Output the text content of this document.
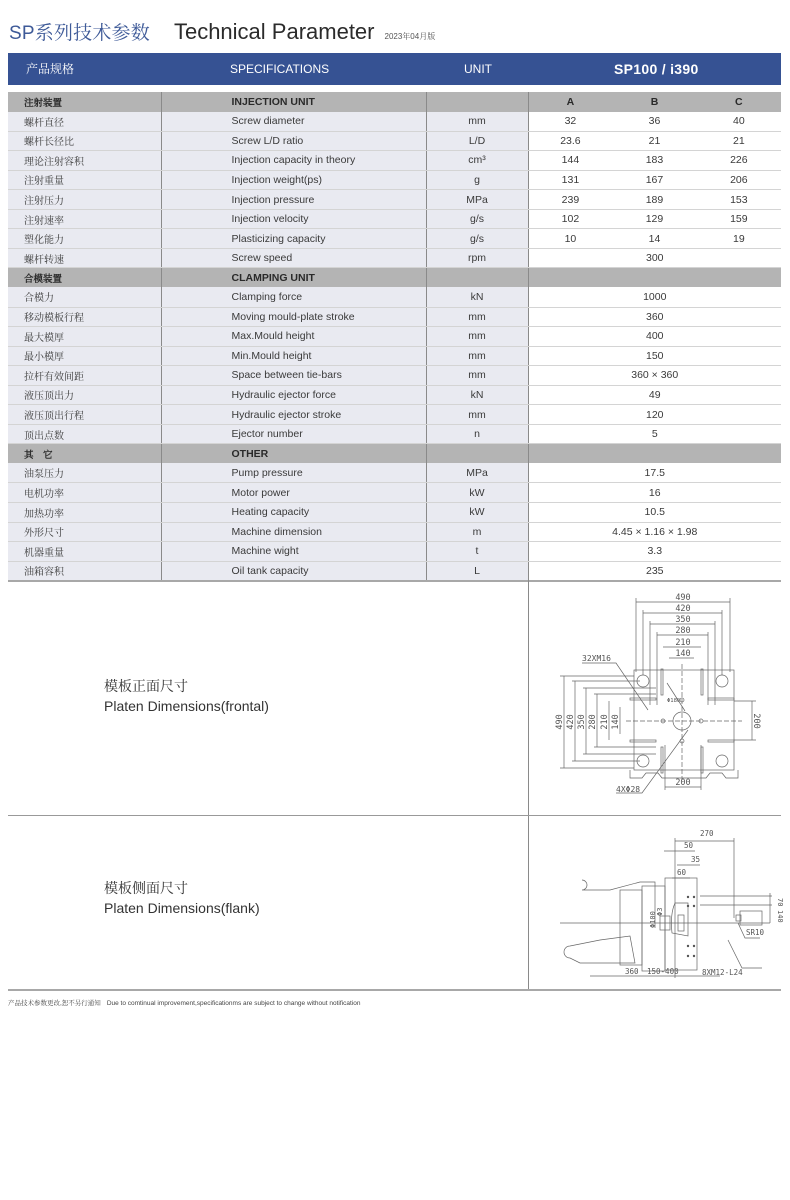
SP系列技术参数 Technical Parameter 2023年04月版
产品规格	SPECIFICATIONS	UNIT	SP100 / i390
注射装置	INJECTION UNIT		A	B	C
螺杆直径	Screw diameter	mm	32	36	40
螺杆长径比	Screw L/D ratio	L/D	23.6	21	21
理论注射容积	Injection capacity in theory	cm³	144	183	226
注射重量	Injection weight(ps)	g	131	167	206
注射压力	Injection pressure	MPa	239	189	153
注射速率	Injection velocity	g/s	102	129	159
塑化能力	Plasticizing capacity	g/s	10	14	19
螺杆转速	Screw speed	rpm	300		
合模装置	CLAMPING UNIT				
合模力	Clamping force	kN	1000		
移动模板行程	Moving mould-plate stroke	mm	360		
最大模厚	Max.Mould height	mm	400		
最小模厚	Min.Mould height	mm	150		
拉杆有效间距	Space between tie-bars	mm	360 × 360		
液压顶出力	Hydraulic ejector force	kN	49		
液压顶出行程	Hydraulic ejector stroke	mm	120		
顶出点数	Ejector number	n	5		
其　它	OTHER				
油泵压力	Pump pressure	MPa	17.5		
电机功率	Motor power	kW	16		
加热功率	Heating capacity	kW	10.5		
外形尺寸	Machine dimension	m	4.45 × 1.16 × 1.98		
机器重量	Machine wight	t	3.3		
油箱容积	Oil tank capacity	L	235		
模板正面尺寸
Platen Dimensions(frontal)
模板侧面尺寸
Platen Dimensions(flank)
490
420
350
280
210
140
200
490 420 350 280 210 140	200
32XM16
Φ180
4XΦ28
270
50
35
60
SR10
8XM12-L24
360 150-400
70
140
Φ100 Φ3
产品技术参数更改,恕不另行通知 Due to comtinual improvement,specificationms are subject to change without notification
